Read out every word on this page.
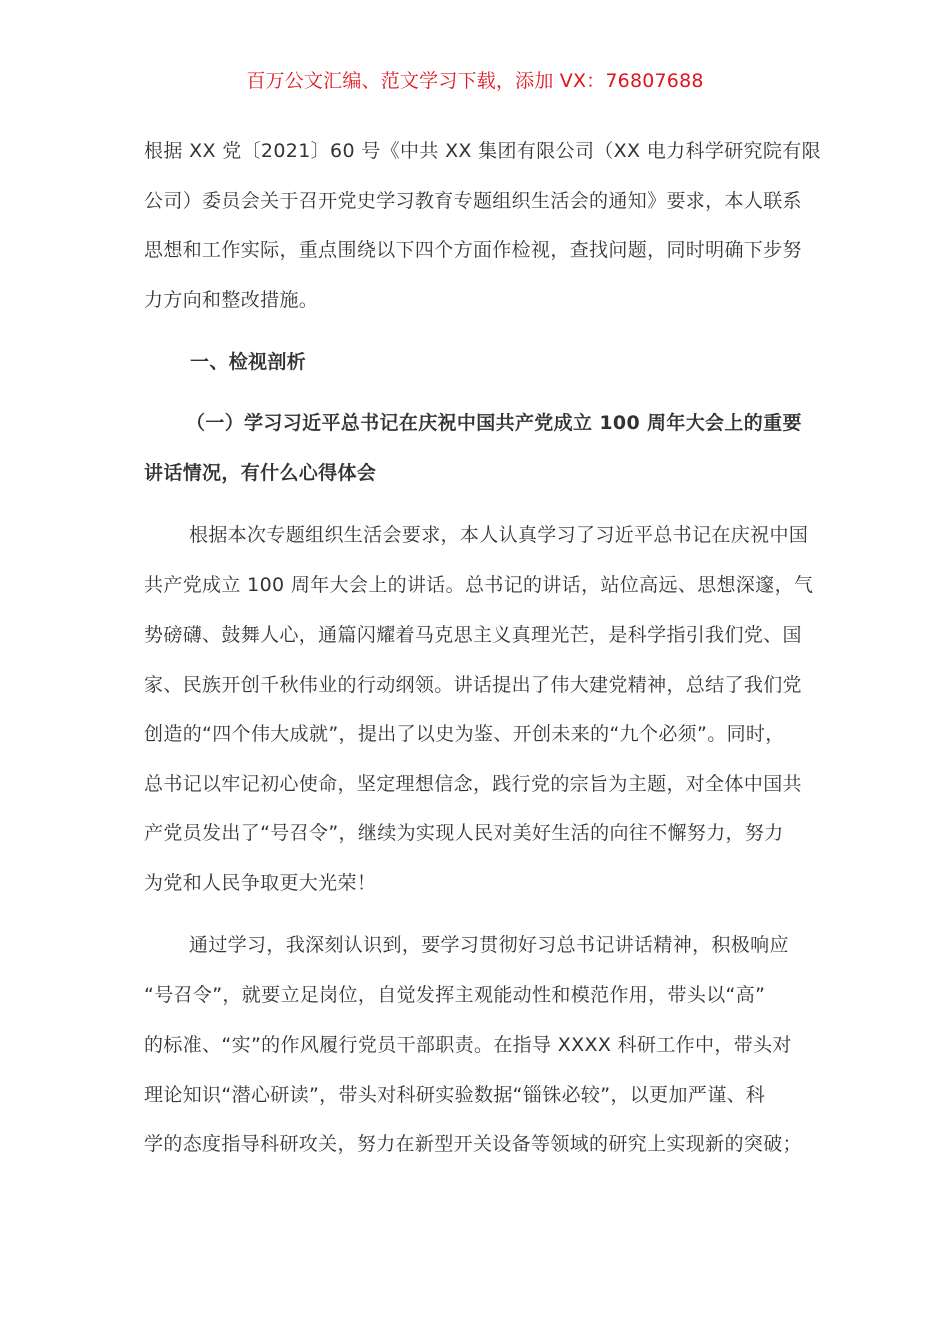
百万公文汇编、范文学习下载，添加 VX：76807688
根据 XX 党〔2021〕60 号《中共 XX 集团有限公司（XX 电力科学研究院有限
公司）委员会关于召开党史学习教育专题组织生活会的通知》要求，本人联系
思想和工作实际，重点围绕以下四个方面作检视，查找问题，同时明确下步努
力方向和整改措施。
一、检视剖析
（一）学习习近平总书记在庆祝中国共产党成立 100 周年大会上的重要
讲话情况，有什么心得体会
根据本次专题组织生活会要求，本人认真学习了习近平总书记在庆祝中国
共产党成立 100 周年大会上的讲话。总书记的讲话，站位高远、思想深邃，气
势磅礴、鼓舞人心，通篇闪耀着马克思主义真理光芒，是科学指引我们党、国
家、民族开创千秋伟业的行动纲领。讲话提出了伟大建党精神，总结了我们党
创造的“四个伟大成就”，提出了以史为鉴、开创未来的“九个必须”。同时，
总书记以牢记初心使命，坚定理想信念，践行党的宗旨为主题，对全体中国共
产党员发出了“号召令”，继续为实现人民对美好生活的向往不懈努力，努力
为党和人民争取更大光荣！
通过学习，我深刻认识到，要学习贯彻好习总书记讲话精神，积极响应
“号召令”，就要立足岗位，自觉发挥主观能动性和模范作用，带头以“高”
的标准、“实”的作风履行党员干部职责。在指导 XXXX 科研工作中，带头对
理论知识“潜心研读”，带头对科研实验数据“锱铢必较”，以更加严谨、科
学的态度指导科研攻关，努力在新型开关设备等领域的研究上实现新的突破；
